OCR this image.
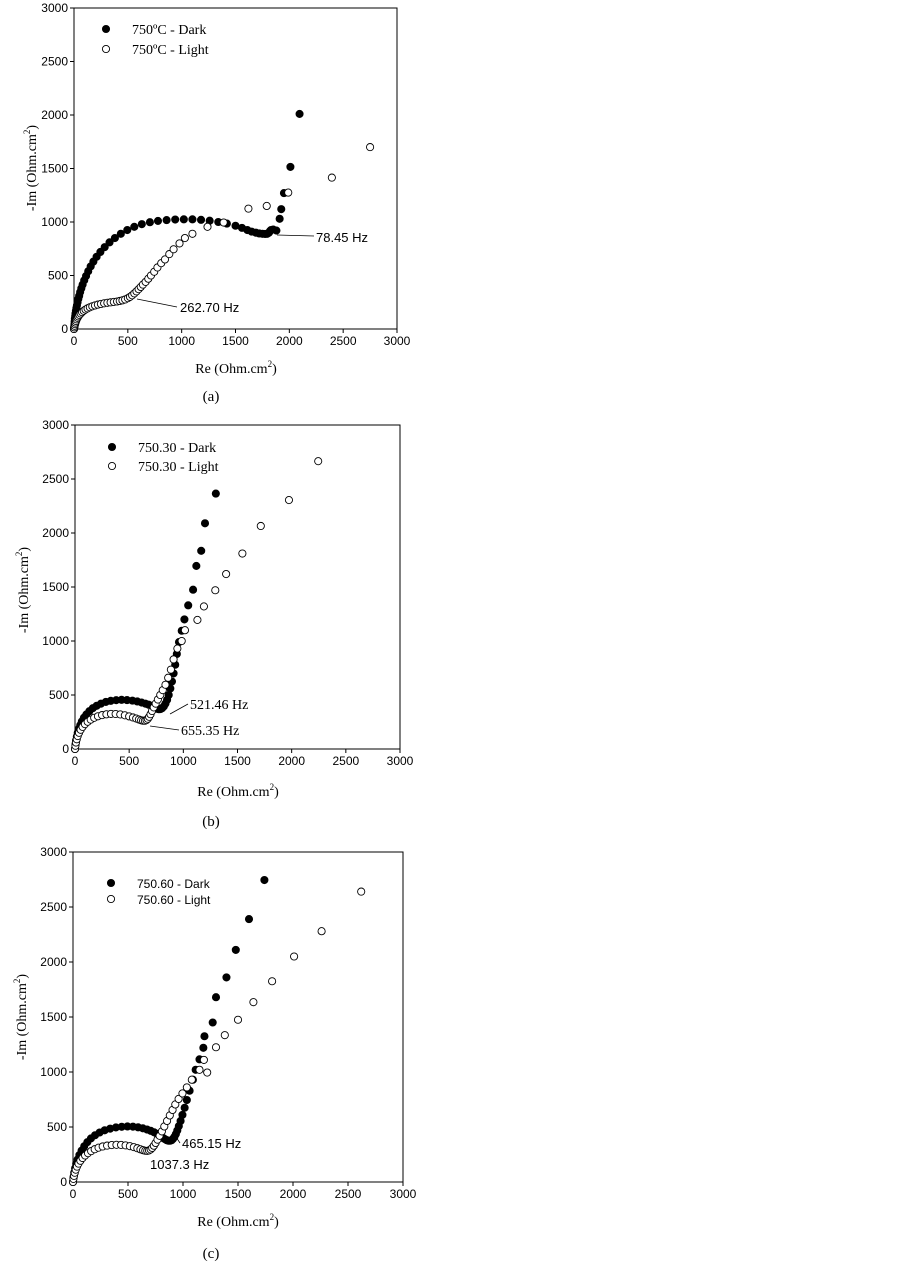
0	500	1000 1500 2000 2500 3000
0
500
1000
1500
2000
2500
3000
750ºC - Dark
750ºC - Light
78.45 Hz
262.70 Hz
Re $(Ohm.cm^2)$
-Im $(Ohm.cm^2)$
(a)
0	500	1000 1500 2000 2500 3000
0
500
1000
1500
2000
2500
3000
750.30 - Dark
750.30 - Light
521.46 Hz
655.35 Hz
Re $(Ohm.cm^2)$
-Im $(Ohm.cm^2)$
(b)
0	500	1000 1500 2000 2500 3000
0
500
1000
1500
2000
2500
3000
750.60 - Dark
750.60 - Light
465.15 Hz
1037.3 Hz
Re $(Ohm.cm^2)$
-Im $(Ohm.cm^2)$
(c)
